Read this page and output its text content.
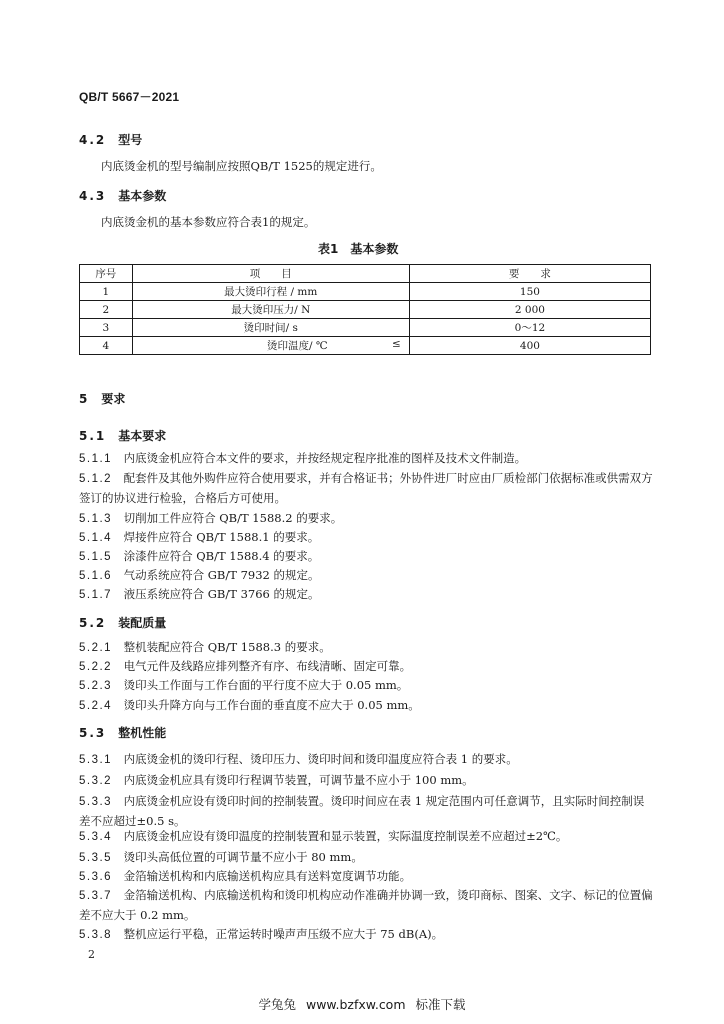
QB/T 5667－2021
4.2　 型号
内底烫金机的型号编制应按照QB/T 1525的规定进行。
4.3　 基本参数
内底烫金机的基本参数应符合表1的规定。
表1　基本参数
序号	项　　目	要　　求
1	最大烫印行程 / mm	150
2	最大烫印压力/ N	2 000
3	烫印时间/ s	0～12
4	烫印温度/ ℃ ≤	400
5　 要求
5.1　 基本要求
5.1.1　 内底烫金机应符合本文件的要求，并按经规定程序批准的图样及技术文件制造。
5.1.2　 配套件及其他外购件应符合使用要求，并有合格证书；外协件进厂时应由厂质检部门依据标准或供需双方签订的协议进行检验，合格后方可使用。
5.1.3　 切削加工件应符合 QB/T 1588.2 的要求。
5.1.4　 焊接件应符合 QB/T 1588.1 的要求。
5.1.5　 涂漆件应符合 QB/T 1588.4 的要求。
5.1.6　 气动系统应符合 GB/T 7932 的规定。
5.1.7　 液压系统应符合 GB/T 3766 的规定。
5.2　 装配质量
5.2.1　 整机装配应符合 QB/T 1588.3 的要求。
5.2.2　 电气元件及线路应排列整齐有序、布线清晰、固定可靠。
5.2.3　 烫印头工作面与工作台面的平行度不应大于 0.05 mm。
5.2.4　 烫印头升降方向与工作台面的垂直度不应大于 0.05 mm。
5.3　 整机性能
5.3.1　 内底烫金机的烫印行程、烫印压力、烫印时间和烫印温度应符合表 1 的要求。
5.3.2　 内底烫金机应具有烫印行程调节装置，可调节量不应小于 100 mm。
5.3.3　 内底烫金机应设有烫印时间的控制装置。烫印时间应在表 1 规定范围内可任意调节，且实际时间控制误差不应超过±0.5 s。
5.3.4　 内底烫金机应设有烫印温度的控制装置和显示装置，实际温度控制误差不应超过±2℃。
5.3.5　 烫印头高低位置的可调节量不应小于 80 mm。
5.3.6　 金箔输送机构和内底输送机构应具有送料宽度调节功能。
5.3.7　 金箔输送机构、内底输送机构和烫印机构应动作准确并协调一致，烫印商标、图案、文字、标记的位置偏差不应大于 0.2 mm。
5.3.8　 整机应运行平稳，正常运转时噪声声压级不应大于 75 dB(A)。
2
学兔兔 www.bzfxw.com 标准下载
